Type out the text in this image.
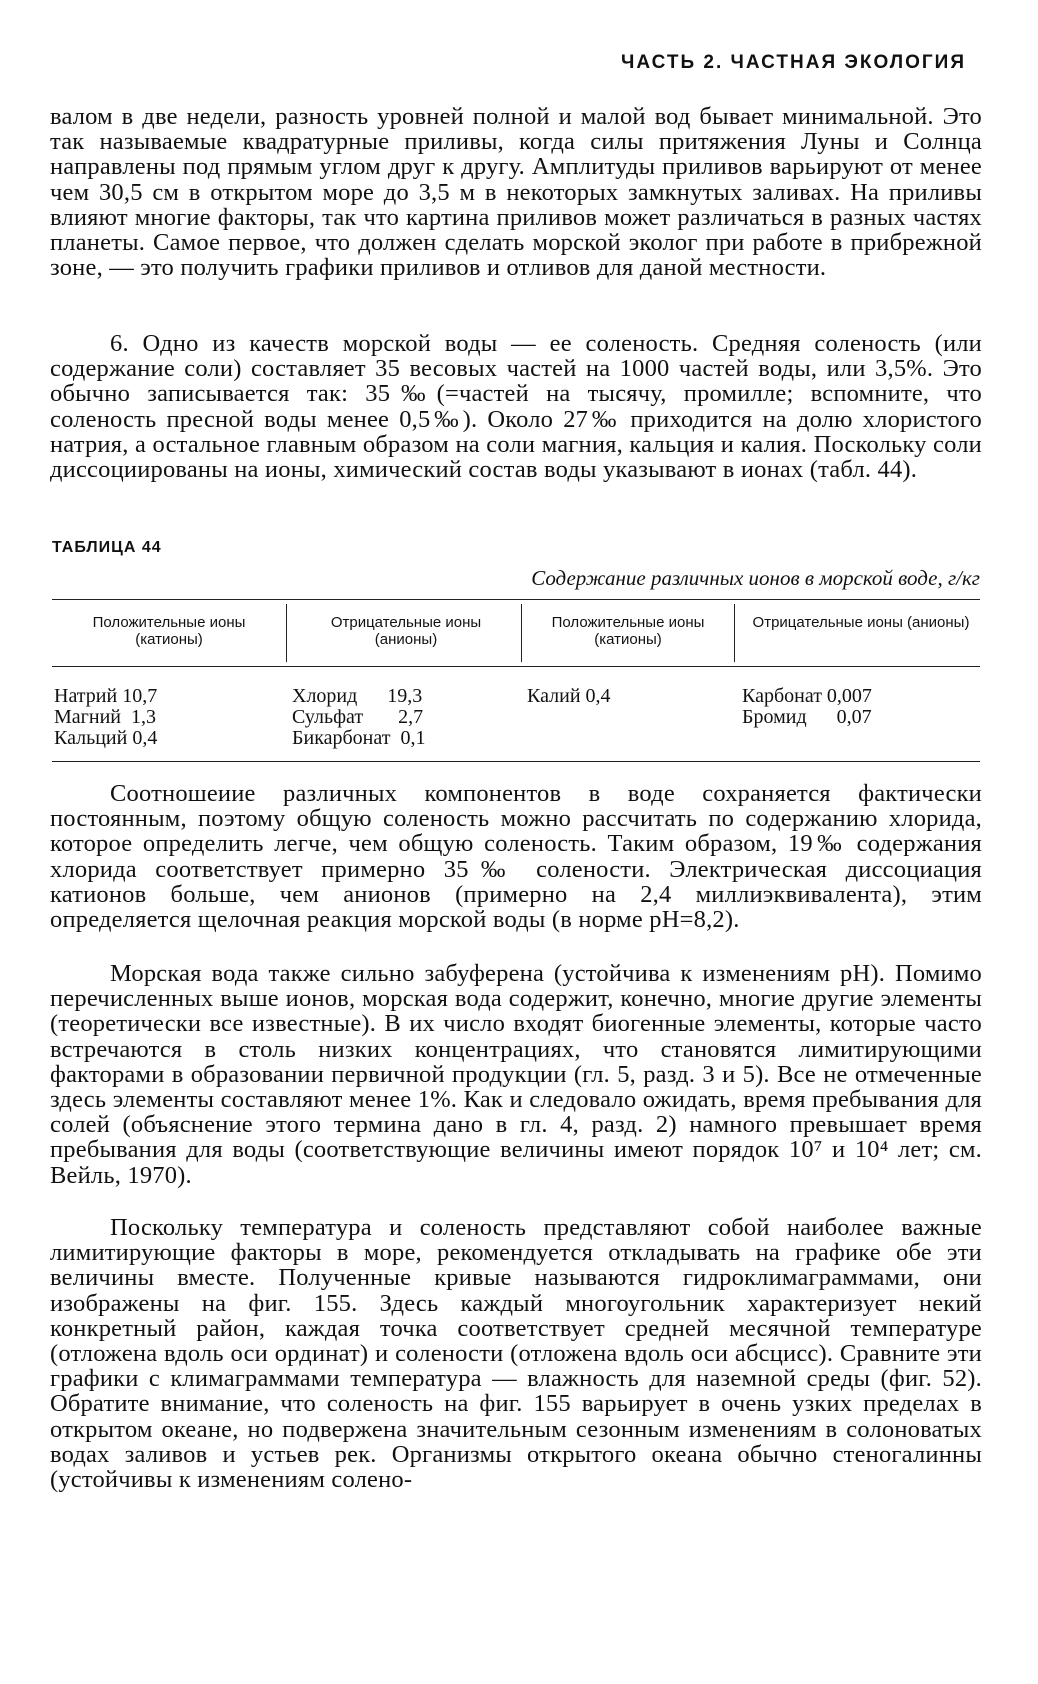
ЧАСТЬ 2. ЧАСТНАЯ ЭКОЛОГИЯ

валом в две недели, разность уровней полной и малой вод бывает минимальной. Это так называемые квадратурные приливы, когда силы притяжения Луны и Солнца направлены под прямым углом друг к другу. Амплитуды приливов варьируют от менее чем 30,5 см в открытом море до 3,5 м в некоторых замкнутых заливах. На приливы влияют многие факторы, так что картина приливов может различаться в разных частях планеты. Самое первое, что должен сделать морской эколог при работе в прибрежной зоне, — это получить графики приливов и отливов для даной местности.

6. Одно из качеств морской воды — ее соленость. Средняя соленость (или содержание соли) составляет 35 весовых частей на 1000 частей воды, или 3,5%. Это обычно записывается так: 35‰(=частей на тысячу, промилле; вспомните, что соленость пресной воды менее 0,5‰). Около 27‰ приходится на долю хлористого натрия, а остальное главным образом на соли магния, кальция и калия. Поскольку соли диссоциированы на ионы, химический состав воды указывают в ионах (табл. 44).

ТАБЛИЦА 44
Содержание различных ионов в морской воде, г/кг
Положительные ионы (катионы)
Отрицательные ионы (анионы)
Положительные ионы (катионы)
Отрицательные ионы (анионы)
Натрий 10,7
Магний  1,3
Кальций 0,4
Хлорид      19,3
Сульфат       2,7
Бикарбонат  0,1
Калий 0,4	Карбонат 0,007
Бромид      0,07

Соотношеиие различных компонентов в воде сохраняется фактически постоянным, поэтому общую соленость можно рассчитать по содержанию хлорида, которое определить легче, чем общую соленость. Таким образом, 19‰ содержания хлорида соответствует примерно 35‰ солености. Электрическая диссоциация катионов больше, чем анионов (примерно на 2,4 миллиэквивалента), этим определяется щелочная реакция морской воды (в норме pH=8,2).

Морская вода также сильно забуферена (устойчива к изменениям pH). Помимо перечисленных выше ионов, морская вода содержит, конечно, многие другие элементы (теоретически все известные). В их число входят биогенные элементы, которые часто встречаются в столь низких концентрациях, что становятся лимитирующими факторами в образовании первичной продукции (гл. 5, разд. 3 и 5). Все не отмеченные здесь элементы составляют менее 1%. Как и следовало ожидать, время пребывания для солей (объяснение этого термина дано в гл. 4, разд. 2) намного превышает время пребывания для воды (соответствующие величины имеют порядок 10⁷ и 10⁴ лет; см. Вейль, 1970).

Поскольку температура и соленость представляют собой наиболее важные лимитирующие факторы в море, рекомендуется откладывать на графике обе эти величины вместе. Полученные кривые называются гидроклимаграммами, они изображены на фиг. 155. Здесь каждый многоугольник характеризует некий конкретный район, каждая точка соответствует средней месячной температуре (отложена вдоль оси ординат) и солености (отложена вдоль оси абсцисс). Сравните эти графики с климаграммами температура — влажность для наземной среды (фиг. 52). Обратите внимание, что соленость на фиг. 155 варьирует в очень узких пределах в открытом океане, но подвержена значительным сезонным изменениям в солоноватых водах заливов и устьев рек. Организмы открытого океана обычно стеногалинны (устойчивы к изменениям солено-
